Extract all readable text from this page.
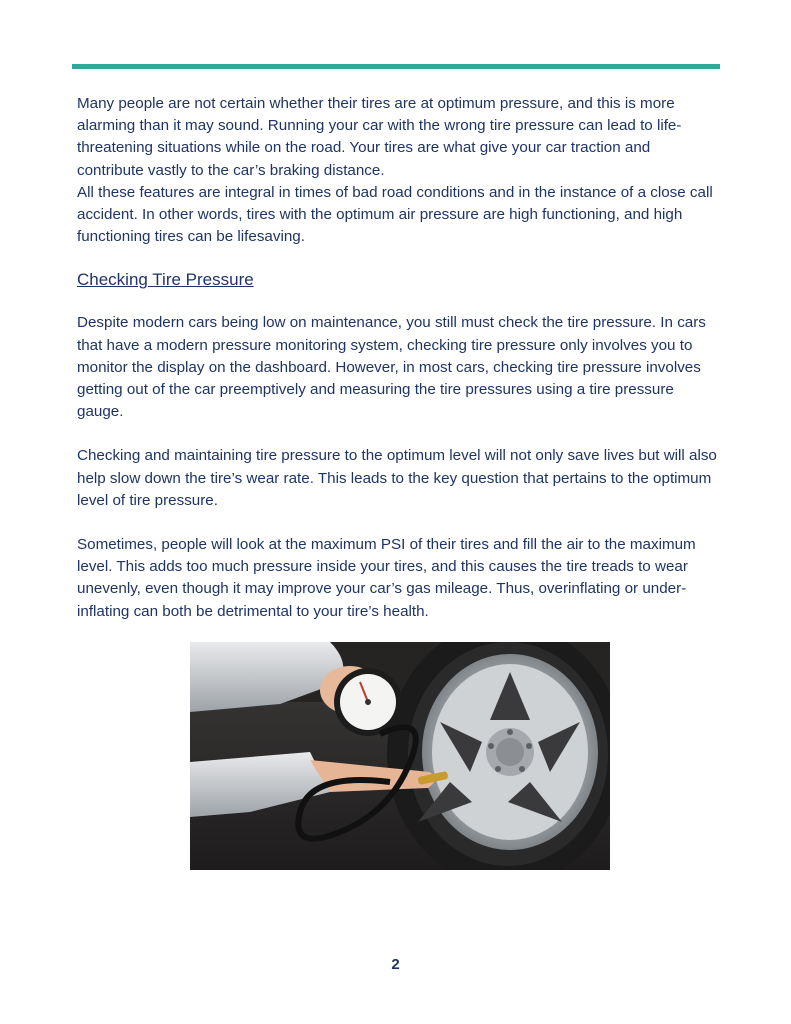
Many people are not certain whether their tires are at optimum pressure, and this is more alarming than it may sound. Running your car with the wrong tire pressure can lead to life-threatening situations while on the road. Your tires are what give your car traction and contribute vastly to the car’s braking distance.

All these features are integral in times of bad road conditions and in the instance of a close call accident. In other words, tires with the optimum air pressure are high functioning, and high functioning tires can be lifesaving.

Checking Tire Pressure

Despite modern cars being low on maintenance, you still must check the tire pressure. In cars that have a modern pressure monitoring system, checking tire pressure only involves you to monitor the display on the dashboard. However, in most cars, checking tire pressure involves getting out of the car preemptively and measuring the tire pressures using a tire pressure gauge.

Checking and maintaining tire pressure to the optimum level will not only save lives but will also help slow down the tire’s wear rate. This leads to the key question that pertains to the optimum level of tire pressure.

Sometimes, people will look at the maximum PSI of their tires and fill the air to the maximum level. This adds too much pressure inside your tires, and this causes the tire treads to wear unevenly, even though it may improve your car’s gas mileage. Thus, overinflating or under-inflating can both be detrimental to your tire’s health.

2
